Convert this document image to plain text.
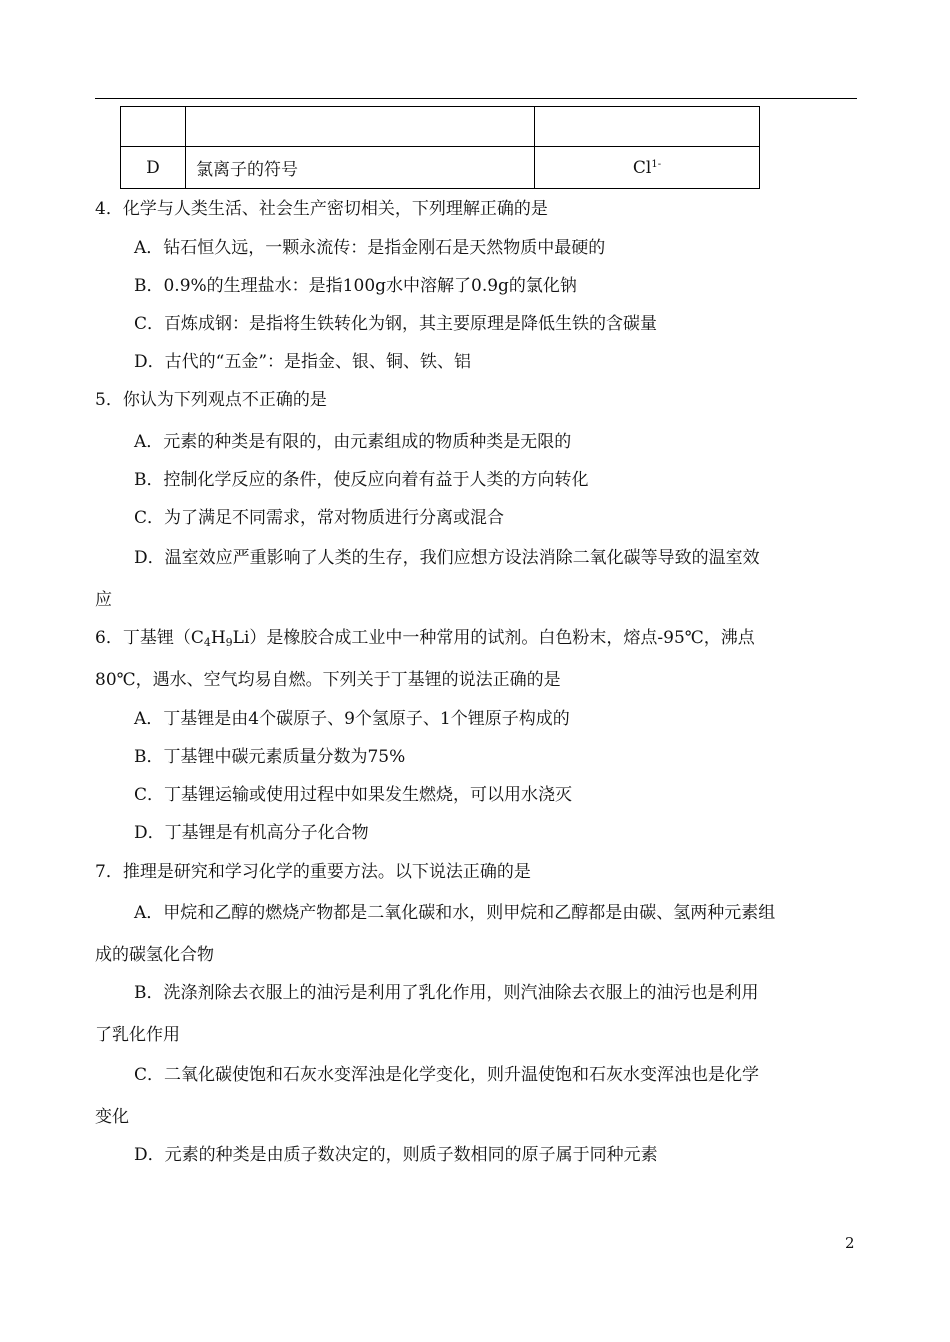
D	氯离子的符号	$Cl^{1-}$
4．化学与人类生活、社会生产密切相关，下列理解正确的是
A．钻石恒久远，一颗永流传：是指金刚石是天然物质中最硬的
B．0.9%的生理盐水：是指100g水中溶解了0.9g的氯化钠
C．百炼成钢：是指将生铁转化为钢，其主要原理是降低生铁的含碳量
D．古代的“五金”：是指金、银、铜、铁、铝
5．你认为下列观点不正确的是
A．元素的种类是有限的，由元素组成的物质种类是无限的
B．控制化学反应的条件，使反应向着有益于人类的方向转化
C．为了满足不同需求，常对物质进行分离或混合
D．温室效应严重影响了人类的生存，我们应想方设法消除二氧化碳等导致的温室效
应
6．丁基锂$(C_4H_9Li)$是橡胶合成工业中一种常用的试剂。白色粉末，熔点-95℃，沸点
80℃，遇水、空气均易自燃。下列关于丁基锂的说法正确的是
A．丁基锂是由4个碳原子、9个氢原子、1个锂原子构成的
B．丁基锂中碳元素质量分数为75%
C．丁基锂运输或使用过程中如果发生燃烧，可以用水浇灭
D．丁基锂是有机高分子化合物
7．推理是研究和学习化学的重要方法。以下说法正确的是
A．甲烷和乙醇的燃烧产物都是二氧化碳和水，则甲烷和乙醇都是由碳、氢两种元素组
成的碳氢化合物
B．洗涤剂除去衣服上的油污是利用了乳化作用，则汽油除去衣服上的油污也是利用
了乳化作用
C．二氧化碳使饱和石灰水变浑浊是化学变化，则升温使饱和石灰水变浑浊也是化学
变化
D．元素的种类是由质子数决定的，则质子数相同的原子属于同种元素
2
